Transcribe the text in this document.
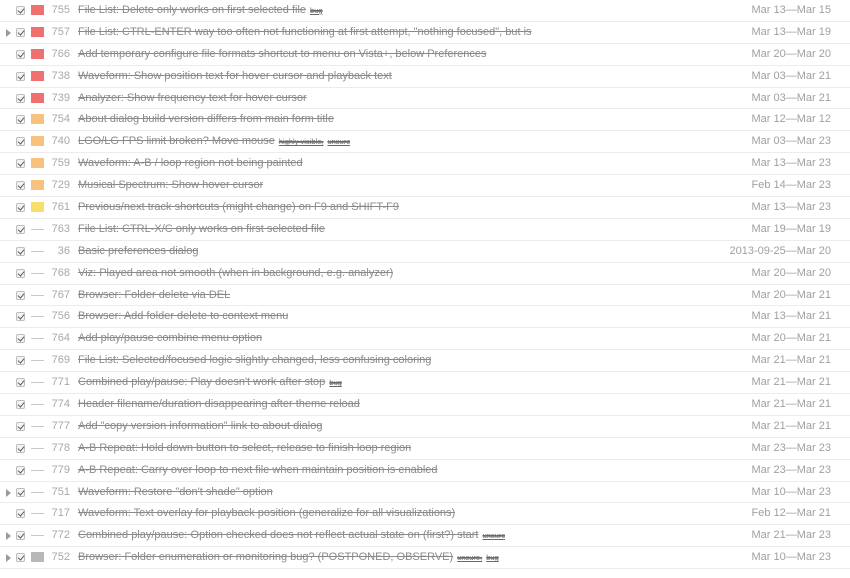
755 File List: Delete only works on first selected file bug	Mar 13—Mar 15
757 File List: CTRL-ENTER way too often not functioning at first attempt, "nothing focused", but is	Mar 13—Mar 19
766 Add temporary configure file formats shortcut to menu on Vista+, below Preferences	Mar 20—Mar 20
738 Waveform: Show position text for hover cursor and playback text	Mar 03—Mar 21
739 Analyzer: Show frequency text for hover cursor	Mar 03—Mar 21
754 About dialog build version differs from main form title	Mar 12—Mar 12
740 LGO/LG FPS limit broken? Move mouse highly visible, unsure	Mar 03—Mar 23
759 Waveform: A-B / loop region not being painted	Mar 13—Mar 23
729 Musical Spectrum: Show hover cursor	Feb 14—Mar 23
761 Previous/next track shortcuts (might change) on F9 and SHIFT-F9	Mar 13—Mar 23
763 File List: CTRL-X/C only works on first selected file	Mar 19—Mar 19
36 Basic preferences dialog	2013-09-25—Mar 20
768 Viz: Played area not smooth (when in background, e.g. analyzer)	Mar 20—Mar 20
767 Browser: Folder delete via DEL	Mar 20—Mar 21
756 Browser: Add folder delete to context menu	Mar 13—Mar 21
764 Add play/pause combine menu option	Mar 20—Mar 21
769 File List: Selected/focused logic slightly changed, less confusing coloring	Mar 21—Mar 21
771 Combined play/pause: Play doesn't work after stop bug	Mar 21—Mar 21
774 Header filename/duration disappearing after theme reload	Mar 21—Mar 21
777 Add "copy version information" link to about dialog	Mar 21—Mar 21
778 A-B Repeat: Hold down button to select, release to finish loop region	Mar 23—Mar 23
779 A-B Repeat: Carry over loop to next file when maintain position is enabled	Mar 23—Mar 23
751 Waveform: Restore "don't shade" option	Mar 10—Mar 23
717 Waveform: Text overlay for playback position (generalize for all visualizations)	Feb 12—Mar 21
772 Combined play/pause: Option checked does not reflect actual state on (first?) start unsure	Mar 21—Mar 23
752 Browser: Folder enumeration or monitoring bug? (POSTPONED, OBSERVE) unsure, bug	Mar 10—Mar 23
